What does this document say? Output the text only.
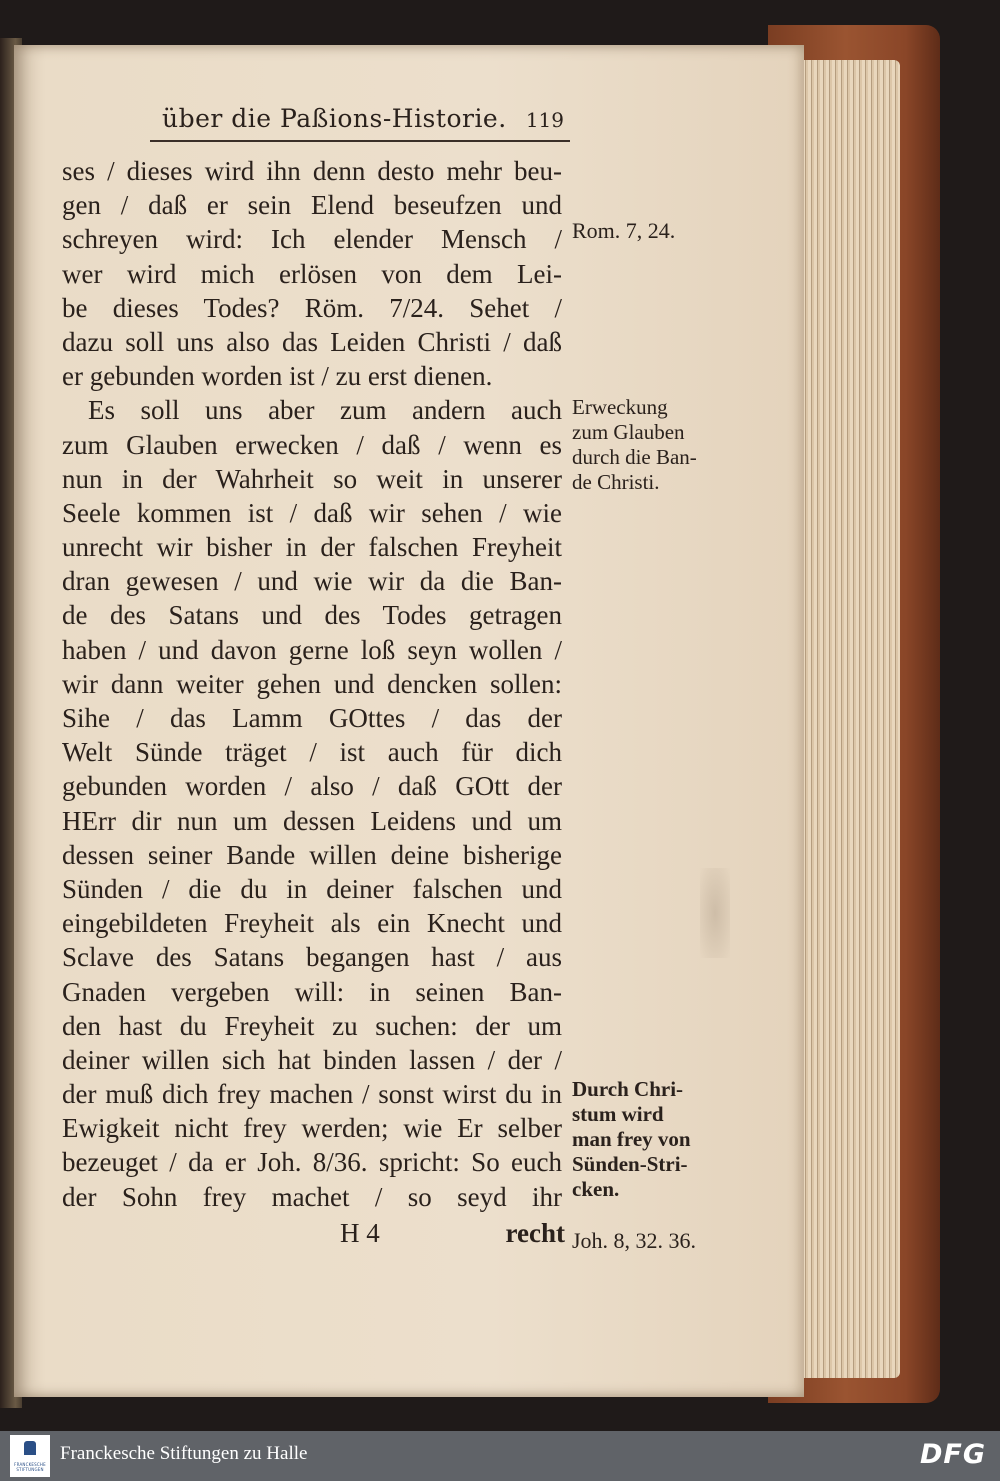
über die Paßions-Historie. 119
ses / dieses wird ihn denn desto mehr beu-
gen / daß er sein Elend beseufzen und
schreyen wird: Ich elender Mensch /
wer wird mich erlösen von dem Lei-
be dieses Todes? Röm. 7/24. Sehet /
dazu soll uns also das Leiden Christi / daß
er gebunden worden ist / zu erst dienen.
Es soll uns aber zum andern auch
zum Glauben erwecken / daß / wenn es
nun in der Wahrheit so weit in unserer
Seele kommen ist / daß wir sehen / wie
unrecht wir bisher in der falschen Freyheit
dran gewesen / und wie wir da die Ban-
de des Satans und des Todes getragen
haben / und davon gerne loß seyn wollen /
wir dann weiter gehen und dencken sollen:
Sihe / das Lamm GOttes / das der
Welt Sünde träget / ist auch für dich
gebunden worden / also / daß GOtt der
HErr dir nun um dessen Leidens und um
dessen seiner Bande willen deine bisherige
Sünden / die du in deiner falschen und
eingebildeten Freyheit als ein Knecht und
Sclave des Satans begangen hast / aus
Gnaden vergeben will: in seinen Ban-
den hast du Freyheit zu suchen: der um
deiner willen sich hat binden lassen / der /
der muß dich frey machen / sonst wirst du in
Ewigkeit nicht frey werden; wie Er selber
bezeuget / da er Joh. 8/36. spricht: So euch
der Sohn frey machet / so seyd ihr
H 4	recht
Rom. 7, 24.
Erweckung
zum Glauben
durch die Ban-
de Christi.
Durch Chri-
stum wird
man frey von
Sünden-Stri-
cken.
Joh. 8, 32. 36.
FRANCKESCHE STIFTUNGEN
Franckesche Stiftungen zu Halle	DFG
